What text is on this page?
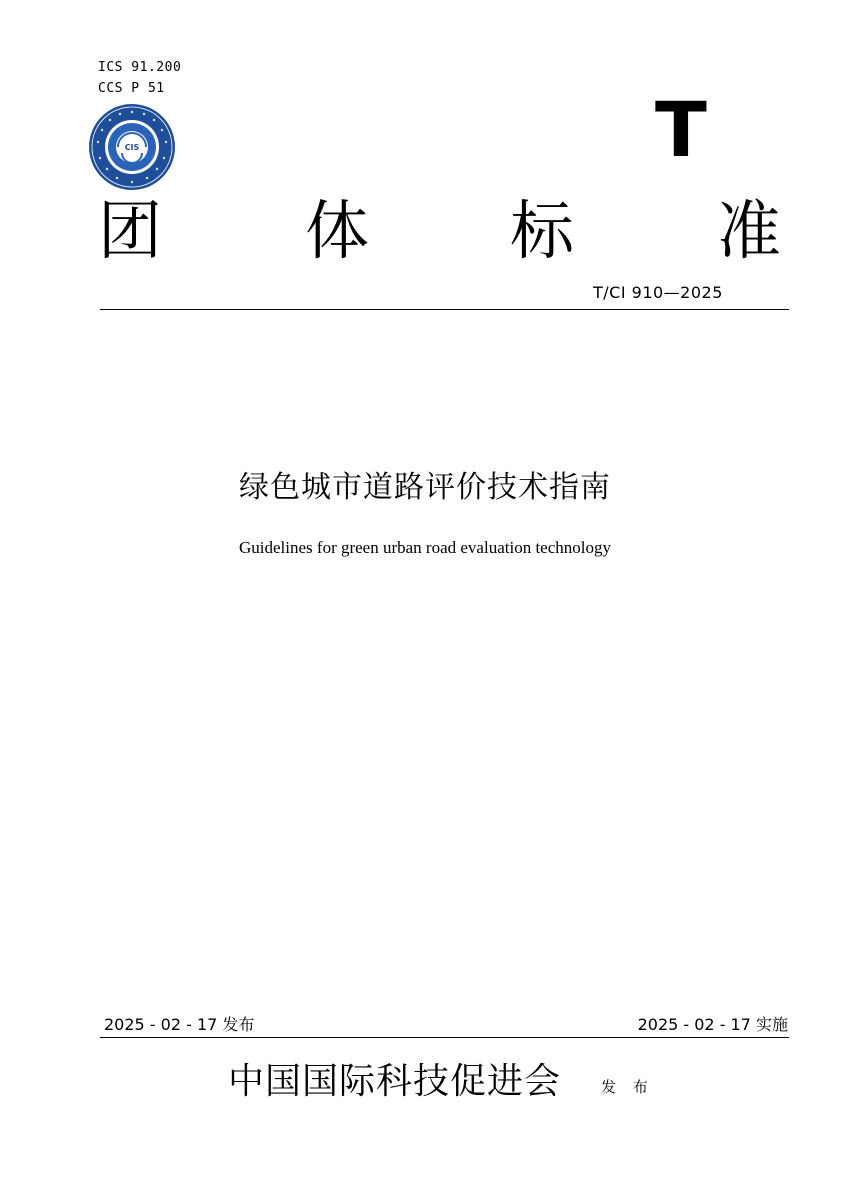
ICS 91.200
CCS P 51
CIS	T
团 体 标 准
T/CI 910—2025
绿色城市道路评价技术指南
Guidelines for green urban road evaluation technology
2025 - 02 - 17 发布	2025 - 02 - 17 实施
中国国际科技促进会	发 布
